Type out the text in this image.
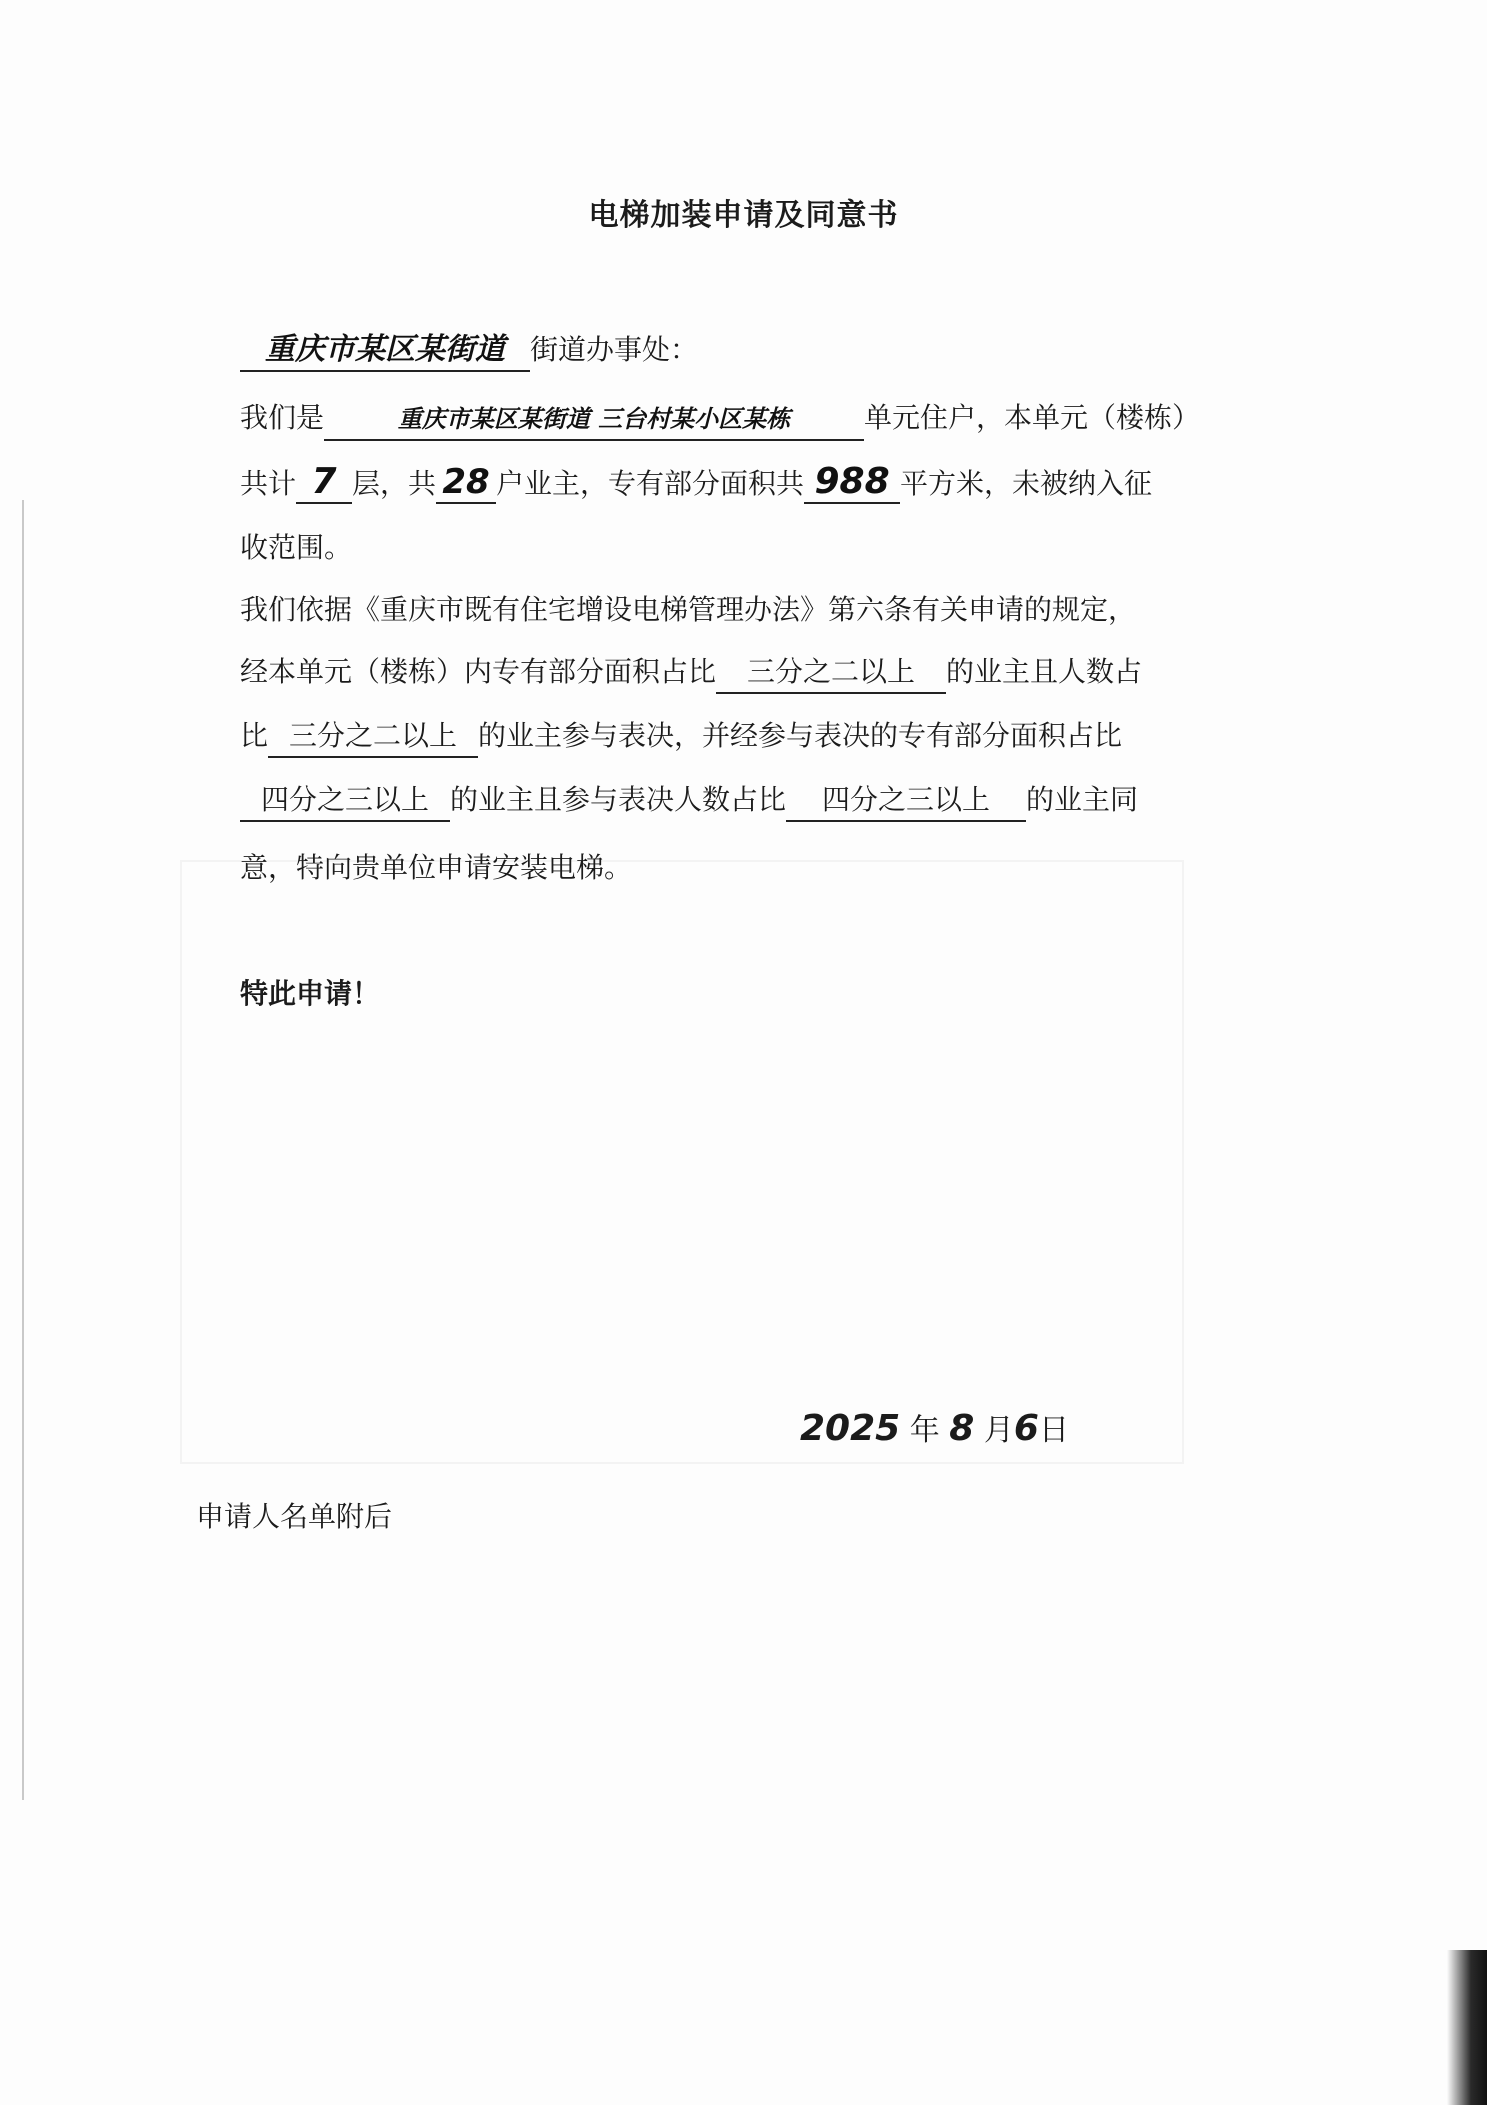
电梯加装申请及同意书
重庆市某区某街道 街道办事处：
我们是	重庆市某区某街道 三台村某小区某栋	单元住户，本单元（楼栋）
共计 7 层，共 28 户业主，专有部分面积共 988 平方米，未被纳入征
收范围。
我们依据《重庆市既有住宅增设电梯管理办法》第六条有关申请的规定，
经本单元（楼栋）内专有部分面积占比 三分之二以上 的业主且人数占
比 三分之二以上 的业主参与表决，并经参与表决的专有部分面积占比
四分之三以上 的业主且参与表决人数占比 四分之三以上 的业主同
意，特向贵单位申请安装电梯。
特此申请！
2025 年 8 月6日
申请人名单附后
